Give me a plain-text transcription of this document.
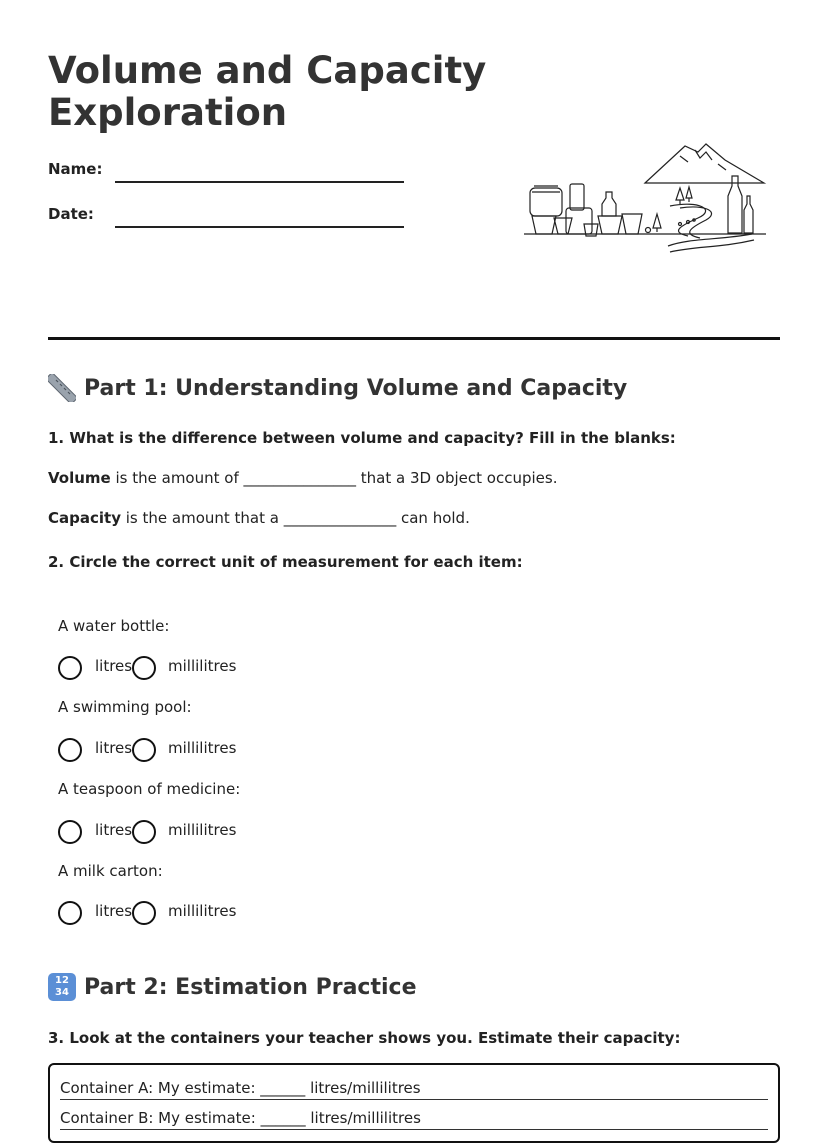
Volume and Capacity Exploration
Name:
Date:
Part 1: Understanding Volume and Capacity
1. What is the difference between volume and capacity? Fill in the blanks:
Volume is the amount of _______________ that a 3D object occupies.
Capacity is the amount that a _______________ can hold.
2. Circle the correct unit of measurement for each item:
A water bottle:
litres millilitres
A swimming pool:
litres millilitres
A teaspoon of medicine:
litres millilitres
A milk carton:
litres millilitres
12
34 Part 2: Estimation Practice
3. Look at the containers your teacher shows you. Estimate their capacity:
Container A: My estimate: ______ litres/millilitres
Container B: My estimate: ______ litres/millilitres
